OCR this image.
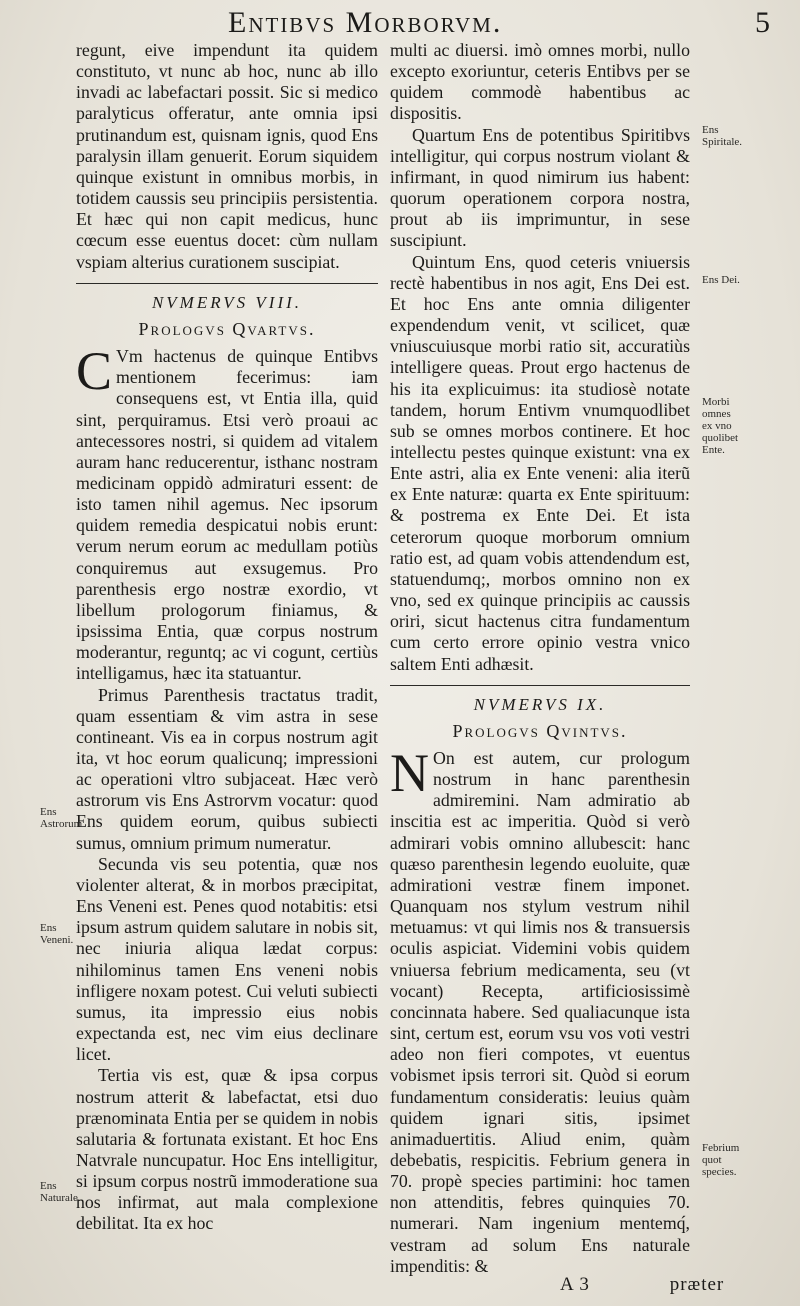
Entibvs Morborvm.	5

regunt, eive impendunt ita quidem constituto, vt nunc ab hoc, nunc ab illo invadi ac labefactari possit. Sic si medico paralyticus offeratur, ante omnia ipsi prutinandum est, quisnam ignis, quod Ens paralysin illam genuerit. Eorum siquidem quinque existunt in omnibus morbis, in totidem caussis seu principiis persistentia. Et hæc qui non capit medicus, hunc cœcum esse euentus docet: cùm nullam vspiam alterius curationem suscipiat.

NVMERVS VIII.
Prologvs Qvartvs.

C Vm hactenus de quinque Entibvs mentionem fecerimus: iam consequens est, vt Entia illa, quid sint, perquiramus. Etsi verò proaui ac antecessores nostri, si quidem ad vitalem auram hanc reducerentur, isthanc nostram medicinam oppidò admiraturi essent: de isto tamen nihil agemus. Nec ipsorum quidem remedia despicatui nobis erunt: verum nerum eorum ac medullam potiùs conquiremus aut exsugemus. Pro parenthesis ergo nostræ exordio, vt libellum prologorum finiamus, & ipsissima Entia, quæ corpus nostrum moderantur, reguntq; ac vi cogunt, certiùs intelligamus, hæc ita statuantur.

Primus Parenthesis tractatus tradit, quam essentiam & vim astra in sese contineant. Vis ea in corpus nostrum agit ita, vt hoc eorum qualicunq; impressioni ac operationi vltro subjaceat. Hæc verò astrorum vis Ens Astrorvm vocatur: quod Ens quidem eorum, quibus subiecti sumus, omnium primum numeratur.

Secunda vis seu potentia, quæ nos violenter alterat, & in morbos præcipitat, Ens Veneni est. Penes quod notabitis: etsi ipsum astrum quidem salutare in nobis sit, nec iniuria aliqua lædat corpus: nihilominus tamen Ens veneni nobis infligere noxam potest. Cui veluti subiecti sumus, ita impressio eius nobis expectanda est, nec vim eius declinare licet.

Tertia vis est, quæ & ipsa corpus nostrum atterit & labefactat, etsi duo prænominata Entia per se quidem in nobis salutaria & fortunata existant. Et hoc Ens Natvrale nuncupatur. Hoc Ens intelligitur, si ipsum corpus nostrũ immoderatione sua nos infirmat, aut mala complexione debilitat. Ita ex hoc

multi ac diuersi. imò omnes morbi, nullo excepto exoriuntur, ceteris Entibvs per se quidem commodè habentibus ac dispositis.

Quartum Ens de potentibus Spiritibvs intelligitur, qui corpus nostrum violant & infirmant, in quod nimirum ius habent: quorum operationem corpora nostra, prout ab iis imprimuntur, in sese suscipiunt.

Quintum Ens, quod ceteris vniuersis rectè habentibus in nos agit, Ens Dei est. Et hoc Ens ante omnia diligenter expendendum venit, vt scilicet, quæ vniuscuiusque morbi ratio sit, accuratiùs intelligere queas. Prout ergo hactenus de his ita explicuimus: ita studiosè notate tandem, horum Entivm vnumquodlibet sub se omnes morbos continere. Et hoc intellectu pestes quinque existunt: vna ex Ente astri, alia ex Ente veneni: alia iterũ ex Ente naturæ: quarta ex Ente spirituum: & postrema ex Ente Dei. Et ista ceterorum quoque morborum omnium ratio est, ad quam vobis attendendum est, statuendumq;, morbos omnino non ex vno, sed ex quinque principiis ac caussis oriri, sicut hactenus citra fundamentum cum certo errore opinio vestra vnico saltem Enti adhæsit.

NVMERVS IX.
Prologvs Qvintvs.

N On est autem, cur prologum nostrum in hanc parenthesin admiremini. Nam admiratio ab inscitia est ac imperitia. Quòd si verò admirari vobis omnino allubescit: hanc quæso parenthesin legendo euoluite, quæ admirationi vestræ finem imponet. Quanquam nos stylum vestrum nihil metuamus: vt qui limis nos & transuersis oculis aspiciat. Videmini vobis quidem vniuersa febrium medicamenta, seu (vt vocant) Recepta, artificiosissimè concinnata habere. Sed qualiacunque ista sint, certum est, eorum vsu vos voti vestri adeo non fieri compotes, vt euentus vobismet ipsis terrori sit. Quòd si eorum fundamentum consideratis: leuius quàm quidem ignari sitis, ipsimet animaduertitis. Aliud enim, quàm debebatis, respicitis. Febrium genera in 70. propè species partimini: hoc tamen non attenditis, febres quinquies 70. numerari. Nam ingenium mentemq́, vestram ad solum Ens naturale impenditis: &

Ens Astrorum
Ens Veneni.
Ens Naturale.
Ens Spiritale.
Ens Dei.
Morbi omnes ex vno quolibet Ente.
Febrium quot species.
A 3	præter
